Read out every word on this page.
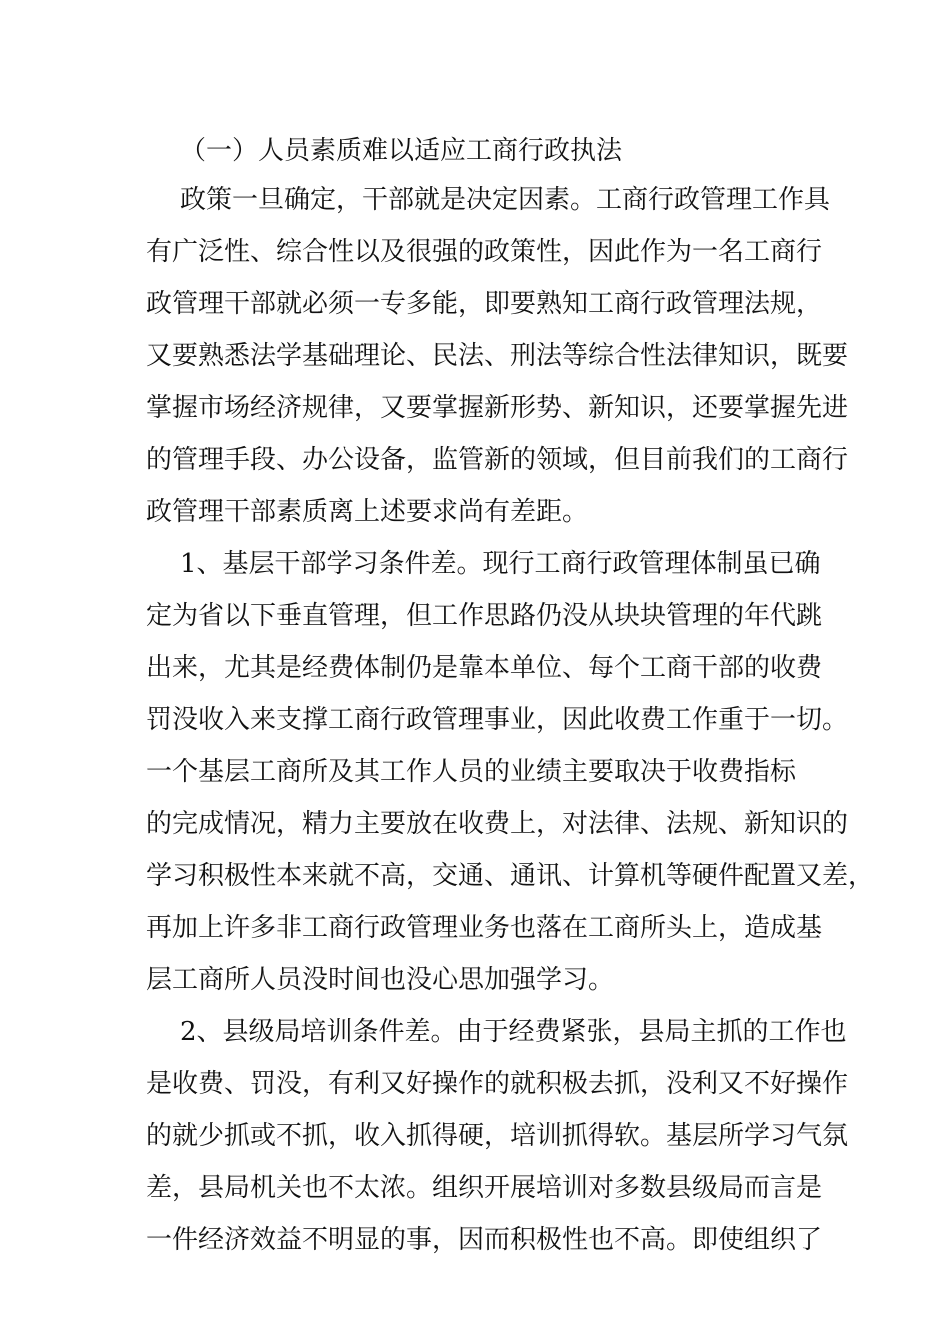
（一）人员素质难以适应工商行政执法
政策一旦确定，干部就是决定因素。工商行政管理工作具
有广泛性、综合性以及很强的政策性，因此作为一名工商行
政管理干部就必须一专多能，即要熟知工商行政管理法规，
又要熟悉法学基础理论、民法、刑法等综合性法律知识，既要
掌握市场经济规律，又要掌握新形势、新知识，还要掌握先进
的管理手段、办公设备，监管新的领域，但目前我们的工商行
政管理干部素质离上述要求尚有差距。
1、基层干部学习条件差。现行工商行政管理体制虽已确
定为省以下垂直管理，但工作思路仍没从块块管理的年代跳
出来，尤其是经费体制仍是靠本单位、每个工商干部的收费
罚没收入来支撑工商行政管理事业，因此收费工作重于一切。
一个基层工商所及其工作人员的业绩主要取决于收费指标
的完成情况，精力主要放在收费上，对法律、法规、新知识的
学习积极性本来就不高，交通、通讯、计算机等硬件配置又差，
再加上许多非工商行政管理业务也落在工商所头上，造成基
层工商所人员没时间也没心思加强学习。
2、县级局培训条件差。由于经费紧张，县局主抓的工作也
是收费、罚没，有利又好操作的就积极去抓，没利又不好操作
的就少抓或不抓，收入抓得硬，培训抓得软。基层所学习气氛
差，县局机关也不太浓。组织开展培训对多数县级局而言是
一件经济效益不明显的事，因而积极性也不高。即使组织了
